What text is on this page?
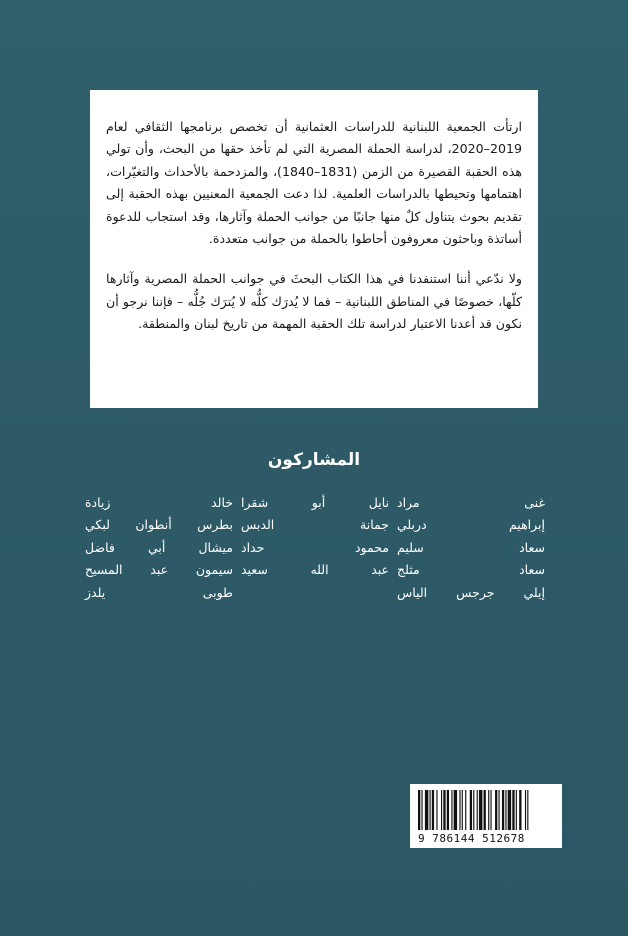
ارتأت الجمعية اللبنانية للدراسات العثمانية أن تخصص برنامجها الثقافي لعام 2019–2020، لدراسة الحملة المصرية التي لم تأخذ حقها من البحث، وأن تولي هذه الحقبة القصيرة من الزمن (1831–1840)، والمزدحمة بالأحداث والتغيّرات، اهتمامها وتحيطها بالدراسات العلمية. لذا دعت الجمعية المعنيين بهذه الحقبة إلى تقديم بحوث يتناول كلٌ منها جانبًا من جوانب الحملة وآثارها، وقد استجاب للدعوة أساتذة وباحثون معروفون أحاطوا بالحملة من جوانب متعددة.

ولا ندّعي أننا استنفدنا في هذا الكتاب البحثَ في جوانب الحملة المصرية وآثارها كلّها، خصوصًا في المناطق اللبنانية – فما لا يُدرَك كلُّه لا يُترَك جُلُّه – فإننا نرجو أن نكون قد أعدنا الاعتبار لدراسة تلك الحقبة المهمة من تاريخ لبنان والمنطقة.

المشاركون
خالد زيادة
بطرس أنطوان لبكي
ميشال أبي فاضل
سيمون عبد المسيح
طوبى يلدز
نايل أبو شقرا
جمانة الدبس
محمود حداد
عبد الله سعيد
غنى مراد
إبراهيم دربلي
سعاد سليم
سعاد مثلج
إيلي جرجس الياس
9 786144 512678
